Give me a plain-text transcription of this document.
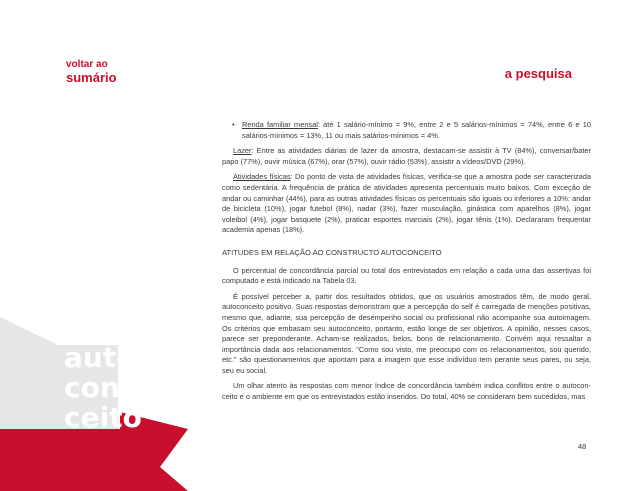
voltar ao
sumário	a pesquisa

• Renda familiar mensal: até 1 salário-mínimo = 9%, entre 2 e 5 salários-mínimos = 74%, entre 6 e 10 salários-mínimos = 13%, 11 ou mais salários-mínimos = 4%.

Lazer: Entre as atividades diárias de lazer da amostra, destacam-se assistir à TV (84%), conversar/bater papo (77%), ouvir música (67%), orar (57%), ouvir rádio (53%), assistir a vídeos/DVD (29%).

Atividades físicas: Do ponto de vista de atividades físicas, verifica-se que a amostra pode ser caracterizada como sedentária. A frequência de prática de atividades apresenta percentuais muito baixos. Com exceção de andar ou caminhar (44%), para as outras atividades físicas os percentuais são iguais ou inferiores a 10%: andar de bicicleta (10%), jogar futebol (8%), nadar (3%), fazer musculação, ginástica com aparelhos (8%), jogar voleibol (4%), jogar basquete (2%), praticar esportes marciais (2%), jogar tênis (1%). Declararam frequentar academia apenas (18%).

ATITUDES EM RELAÇÃO AO CONSTRUCTO AUTOCONCEITO

O percentual de concordância parcial ou total dos entrevistados em relação a cada uma das assertivas foi computado e está indicado na Tabela 03.

É possível perceber a, partir dos resultados obtidos, que os usuários amostrados têm, de modo geral, autoconceito positivo. Suas respostas demonstram que a percepção do self é carregada de menções positivas, mesmo que, adiante, sua percepção de desempenho social ou profissional não acompanhe sua autoimagem. Os critérios que embasam seu autoconceito, portanto, estão longe de ser objetivos. A opinião, nesses casos, parece ser preponderante. Acham-se realizados, belos, bons de relacionamento. Convém aqui ressaltar a importância dada aos relacionamentos. "Como sou visto, me preocupo com os relacionamentos, sou querido, etc." são questionamentos que apontam para a imagem que esse indivíduo tem perante seus pares, ou seja, seu eu social.

Um olhar atento às respostas com menor índice de concordância também indica conflitos entre o autocon- ceito e o ambiente em que os entrevistados estão inseridos. Do total, 40% se consideram bem sucedidos, mas

48
auto
con
ceito
